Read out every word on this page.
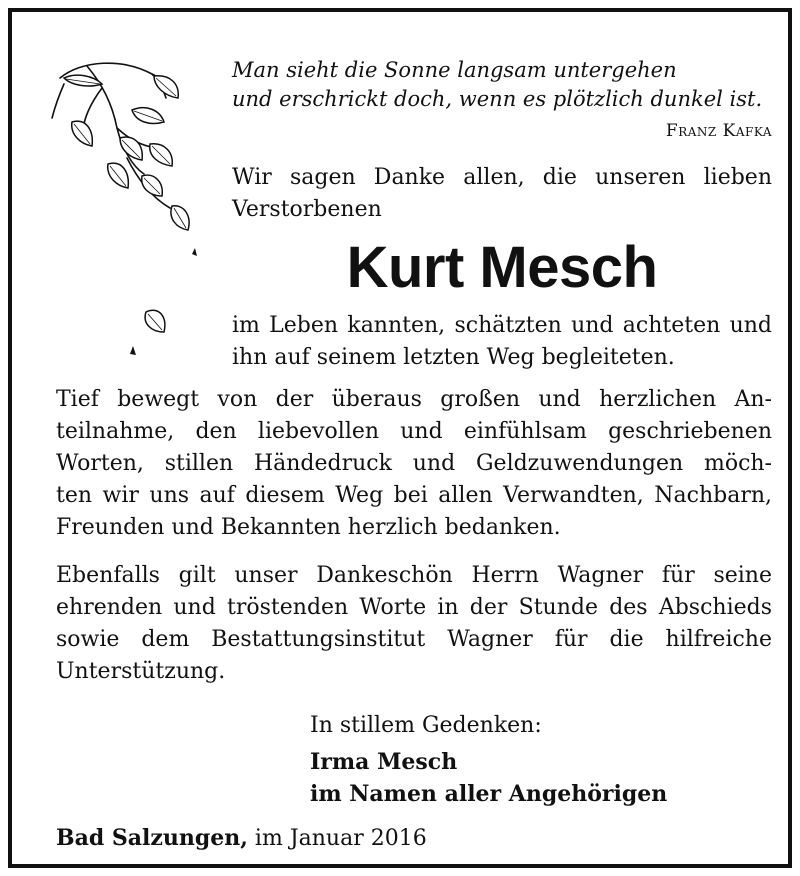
Man sieht die Sonne langsam untergehen
und erschrickt doch, wenn es plötzlich dunkel ist.
Franz Kafka
Wir sagen Danke allen, die unseren lieben
Verstorbenen
Kurt Mesch
im Leben kannten, schätzten und achteten und
ihn auf seinem letzten Weg begleiteten.
Tief bewegt von der überaus großen und herzlichen An-
teilnahme, den liebevollen und einfühlsam geschriebenen
Worten, stillen Händedruck und Geldzuwendungen möch-
ten wir uns auf diesem Weg bei allen Verwandten, Nachbarn,
Freunden und Bekannten herzlich bedanken.
Ebenfalls gilt unser Dankeschön Herrn Wagner für seine
ehrenden und tröstenden Worte in der Stunde des Abschieds
sowie dem Bestattungsinstitut Wagner für die hilfreiche
Unterstützung.
In stillem Gedenken:
Irma Mesch
im Namen aller Angehörigen
Bad Salzungen, im Januar 2016
